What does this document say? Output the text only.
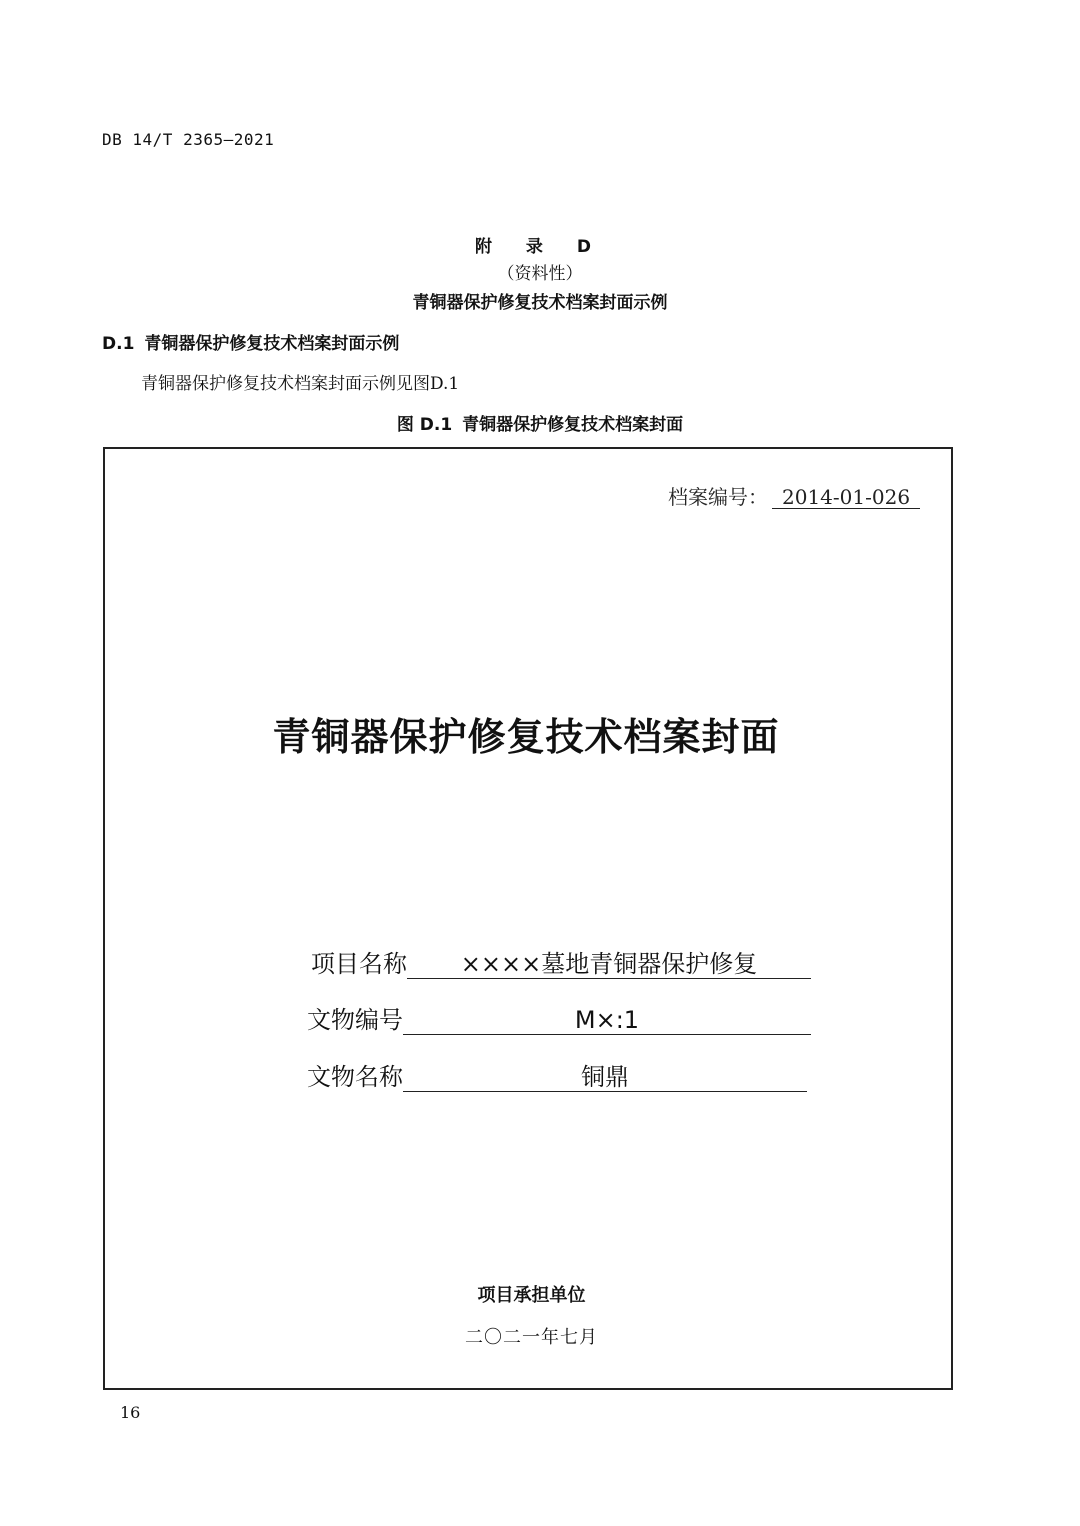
DB 14/T 2365—2021
附 录 D
（资料性）
青铜器保护修复技术档案封面示例
D.1 青铜器保护修复技术档案封面示例
青铜器保护修复技术档案封面示例见图D.1
图 D.1 青铜器保护修复技术档案封面
档案编号： 2014-01-026
青铜器保护修复技术档案封面
项目名称	××××墓地青铜器保护修复
文物编号	M×:1
文物名称	铜鼎
项目承担单位
二〇二一年七月
16
